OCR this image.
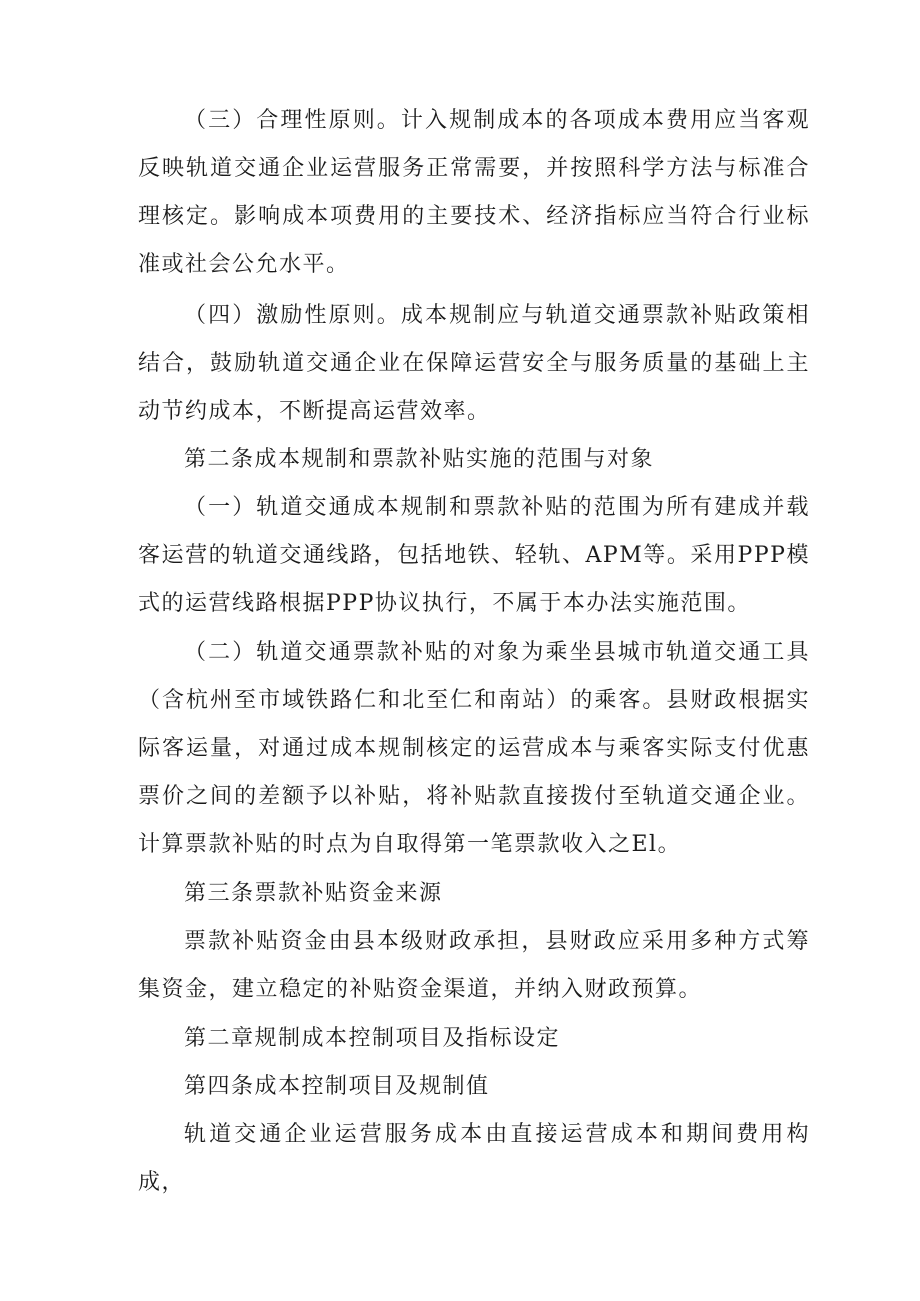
（三）合理性原则。计入规制成本的各项成本费用应当客观反映轨道交通企业运营服务正常需要，并按照科学方法与标准合理核定。影响成本项费用的主要技术、经济指标应当符合行业标准或社会公允水平。

（四）激励性原则。成本规制应与轨道交通票款补贴政策相结合，鼓励轨道交通企业在保障运营安全与服务质量的基础上主动节约成本，不断提高运营效率。

第二条成本规制和票款补贴实施的范围与对象

（一）轨道交通成本规制和票款补贴的范围为所有建成并载客运营的轨道交通线路，包括地铁、轻轨、APM等。采用PPP模式的运营线路根据PPP协议执行，不属于本办法实施范围。

（二）轨道交通票款补贴的对象为乘坐县城市轨道交通工具（含杭州至市域铁路仁和北至仁和南站）的乘客。县财政根据实际客运量，对通过成本规制核定的运营成本与乘客实际支付优惠票价之间的差额予以补贴，将补贴款直接拨付至轨道交通企业。计算票款补贴的时点为自取得第一笔票款收入之El。

第三条票款补贴资金来源

票款补贴资金由县本级财政承担，县财政应采用多种方式筹集资金，建立稳定的补贴资金渠道，并纳入财政预算。

第二章规制成本控制项目及指标设定

第四条成本控制项目及规制值

轨道交通企业运营服务成本由直接运营成本和期间费用构成，
